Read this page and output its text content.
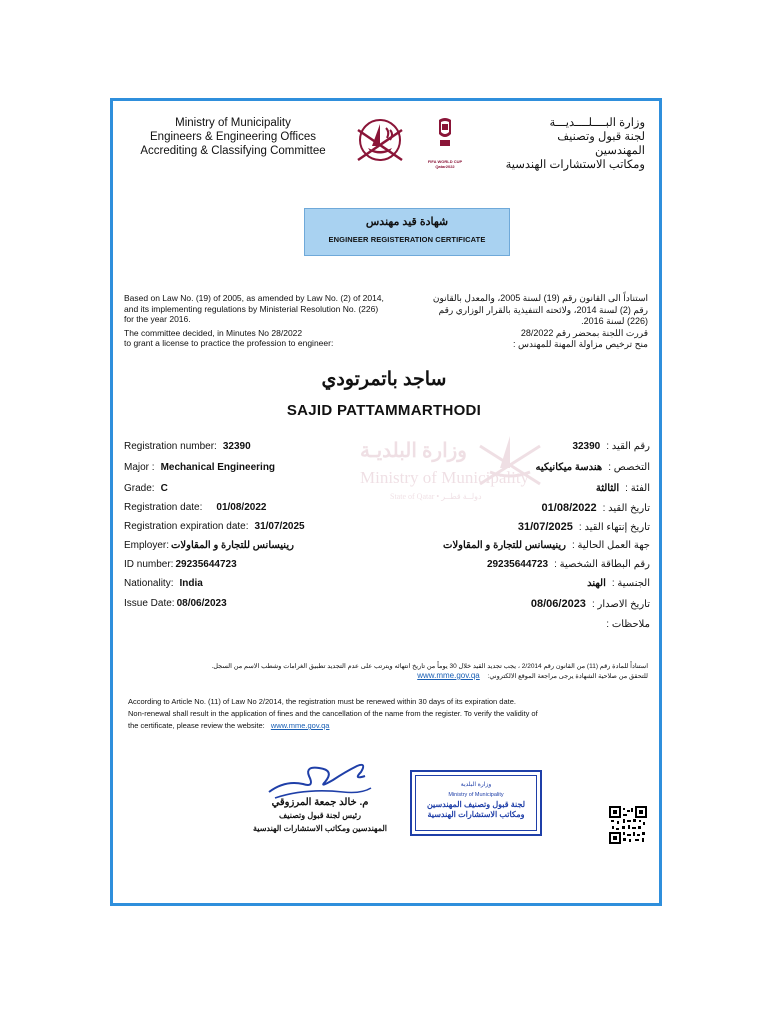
Ministry of Municipality
Engineers & Engineering Offices
Accrediting & Classifying Committee
FIFA WORLD CUP Qatar2022
وزارة البــــلــــديـــة
لجنة قبول وتصنيف المهندسين
ومكاتب الاستشارات الهندسية
شهادة قيد مهندس
ENGINEER REGISTERATION CERTIFICATE
Based on Law No. (19) of 2005, as amended by Law No. (2) of 2014, and its implementing regulations by Ministerial Resolution No. (226) for the year 2016.
The committee decided, in Minutes No 28/2022
to grant a license to practice the profession to engineer:
استناداً الى القانون رقم (19) لسنة 2005، والمعدل بالقانون رقم (2) لسنة 2014، ولائحته التنفيذية بالقرار الوزاري رقم (226) لسنة 2016.
قررت اللجنة بمحضر رقم 28/2022
منح ترخيص مزاولة المهنة للمهندس :
ساجد باتمرتودي
SAJID PATTAMMARTHODI
وزارة البلديـة
Ministry of Municipality
State of Qatar • دولــة قطــر
Registration number: 32390
Major : Mechanical Engineering
Grade: C
Registration date: 01/08/2022
Registration expiration date: 31/07/2025
Employer: رينيسانس للتجارة و المقاولات
ID number: 29235644723
Nationality: India
Issue Date: 08/06/2023
رقم القيد :32390
التخصص :هندسة ميكانيكيه
الفئة :الثالثة
تاريخ القيد :01/08/2022
تاريخ إنتهاء القيد :31/07/2025
جهة العمل الحالية :رينيسانس للتجارة و المقاولات
رقم البطاقة الشخصية :29235644723
الجنسية :الهند
تاريخ الاصدار :08/06/2023
ملاحظات :
استناداً للمادة رقم (11) من القانون رقم 2/2014 ، يجب تجديد القيد خلال 30 يوماً من تاريخ انتهائه ويترتب على عدم التجديد تطبيق الغرامات وشطب الاسم من السجل.
للتحقق من صلاحية الشهادة يرجى مراجعة الموقع الالكتروني: www.mme.gov.qa
According to Article No. (11) of Law No 2/2014, the registration must be renewed within 30 days of its expiration date.
Non-renewal shall result in the application of fines and the cancellation of the name from the register. To verify the validity of
the certificate, please review the website: www.mme.gov.qa
م. خالد جمعة المرزوقي
رئيس لجنة قبول وتصنيف
المهندسين ومكاتب الاستشارات الهندسية
وزارة البلدية
Ministry of Municipality
لجنة قبول وتصنيف المهندسين
ومكاتب الاستشارات الهندسية
